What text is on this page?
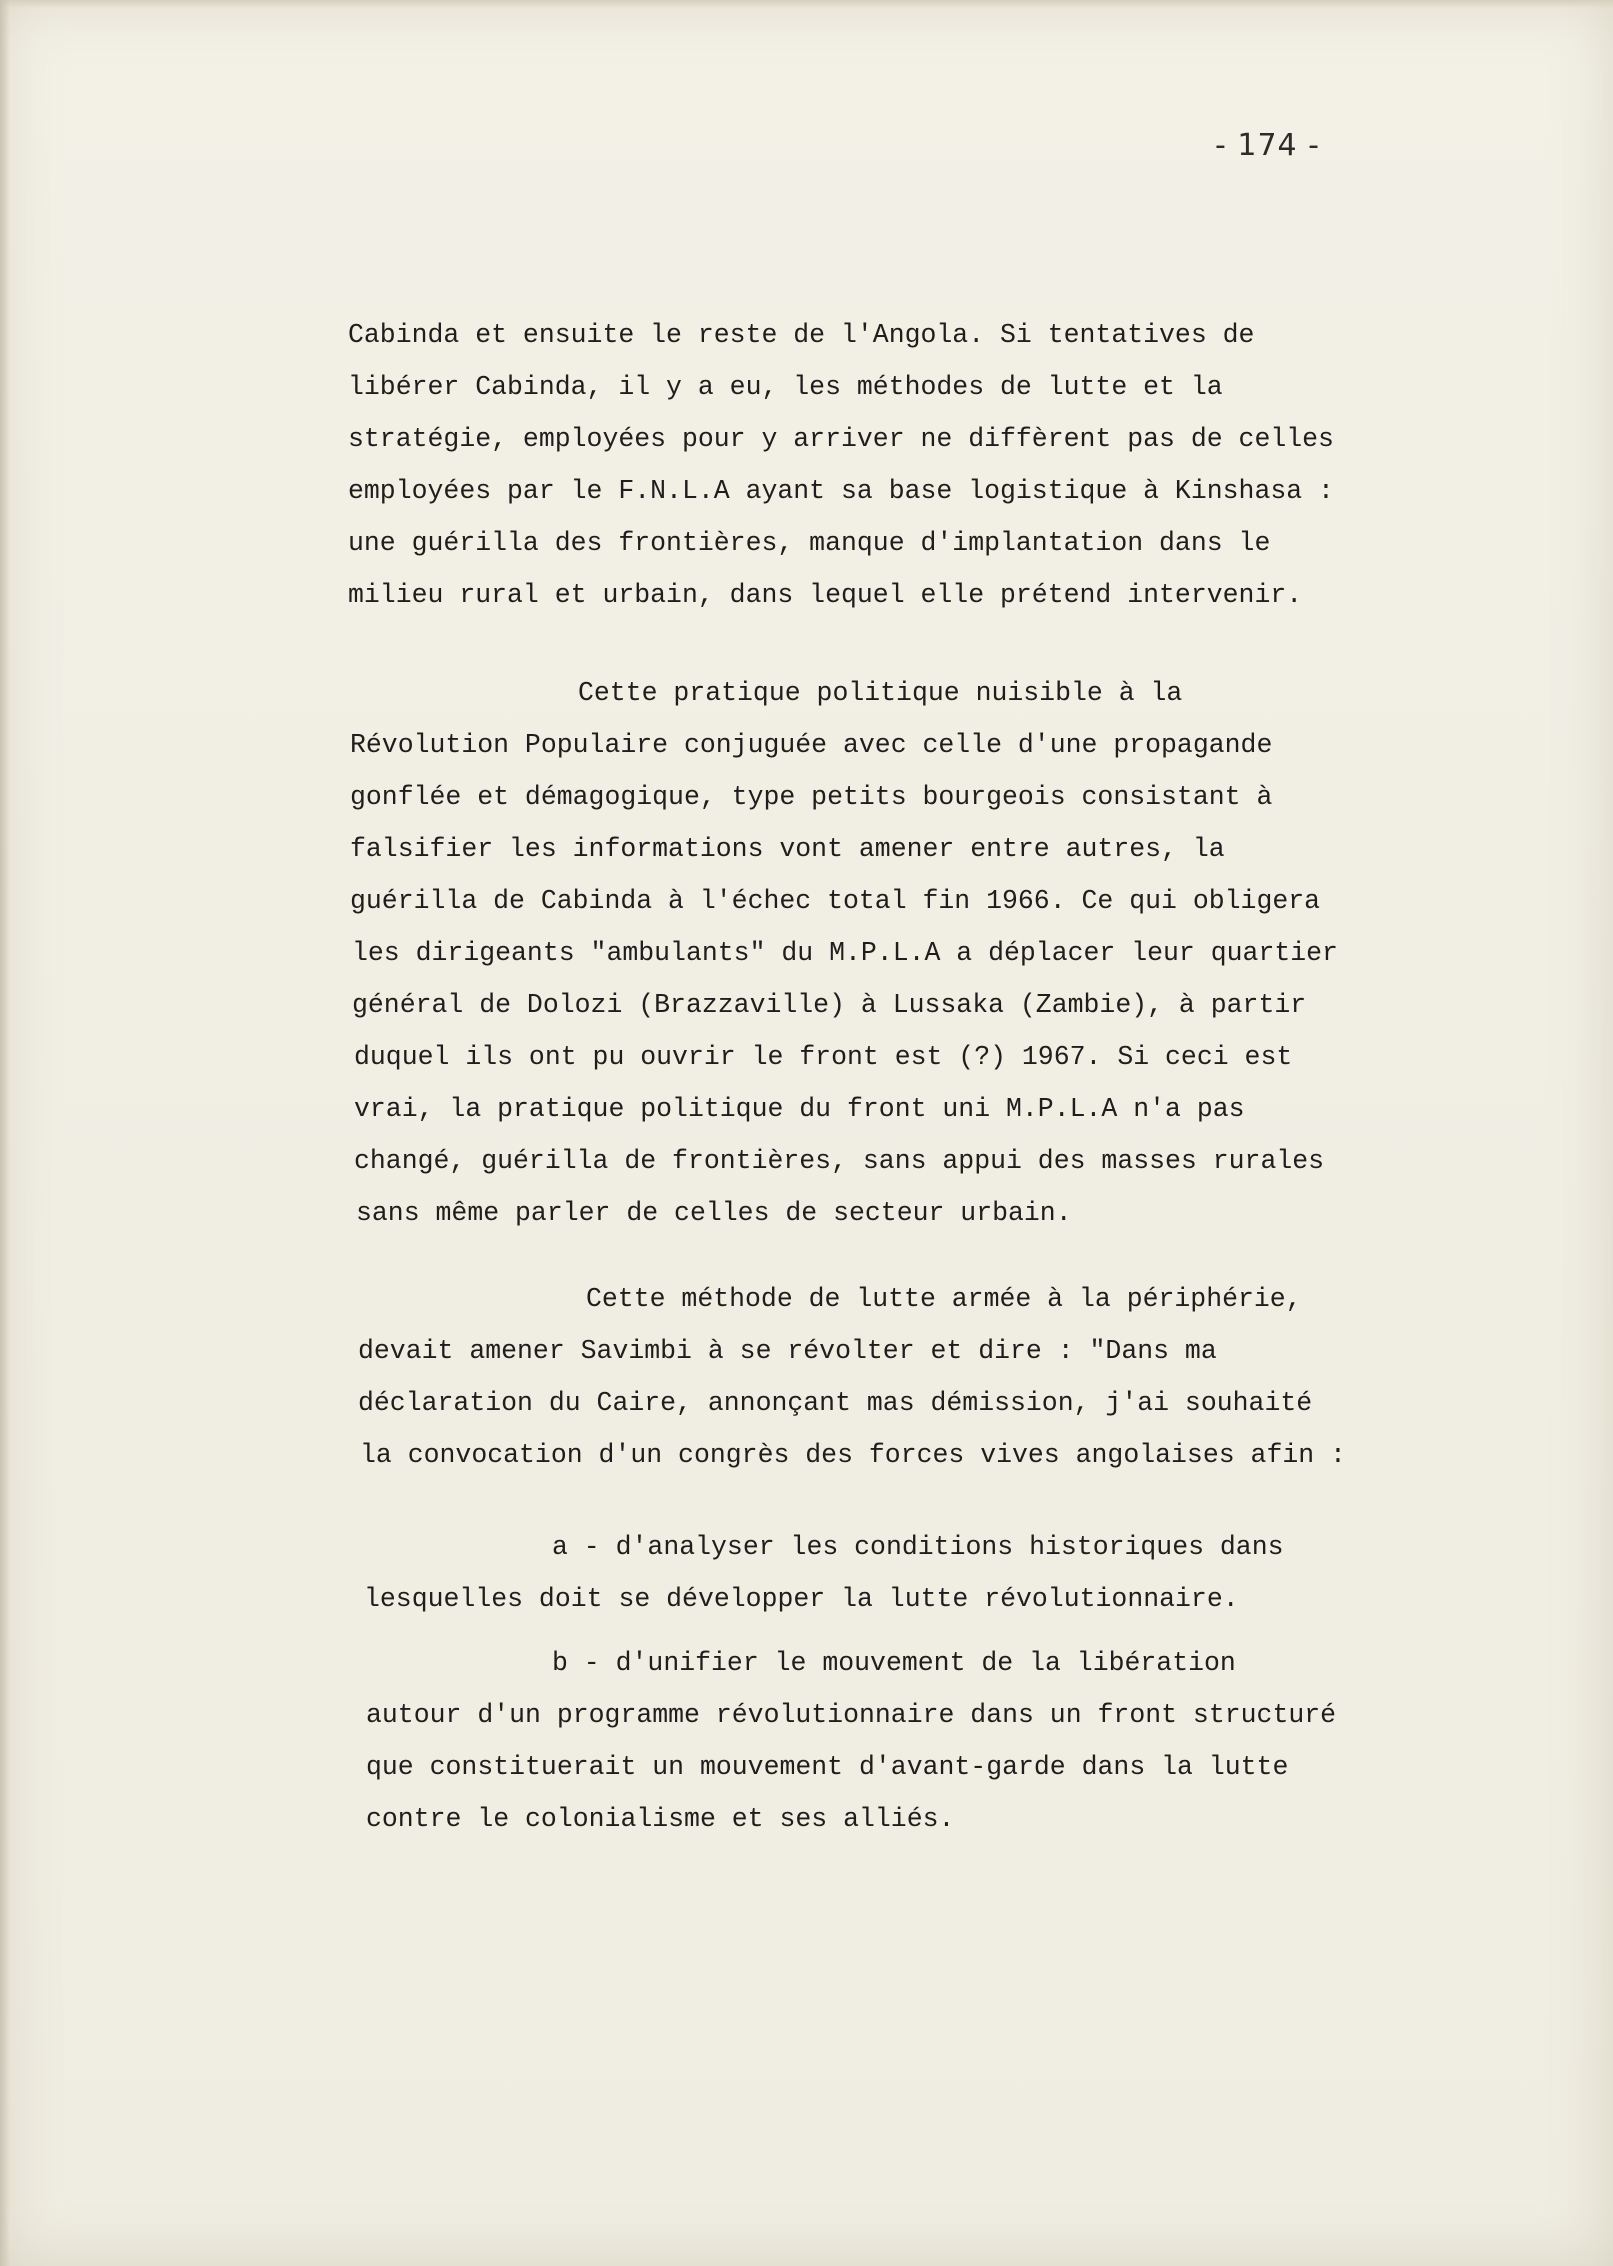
- 174 -
Cabinda et ensuite le reste de l'Angola. Si tentatives de
libérer Cabinda, il y a eu, les méthodes de lutte et la
stratégie, employées pour y arriver ne diffèrent pas de celles
employées par le F.N.L.A ayant sa base logistique à Kinshasa :
une guérilla des frontières, manque d'implantation dans le
milieu rural et urbain, dans lequel elle prétend intervenir.
Cette pratique politique nuisible à la
Révolution Populaire conjuguée avec celle d'une propagande
gonflée et démagogique, type petits bourgeois consistant à
falsifier les informations vont amener entre autres, la
guérilla de Cabinda à l'échec total fin 1966. Ce qui obligera
les dirigeants "ambulants" du M.P.L.A a déplacer leur quartier
général de Dolozi (Brazzaville) à Lussaka (Zambie), à partir
duquel ils ont pu ouvrir le front est (?) 1967. Si ceci est
vrai, la pratique politique du front uni M.P.L.A n'a pas
changé, guérilla de frontières, sans appui des masses rurales
sans même parler de celles de secteur urbain.
Cette méthode de lutte armée à la périphérie,
devait amener Savimbi à se révolter et dire : "Dans ma
déclaration du Caire, annonçant mas démission, j'ai souhaité
la convocation d'un congrès des forces vives angolaises afin :
a - d'analyser les conditions historiques dans
lesquelles doit se développer la lutte révolutionnaire.
b - d'unifier le mouvement de la libération
autour d'un programme révolutionnaire dans un front structuré
que constituerait un mouvement d'avant-garde dans la lutte
contre le colonialisme et ses alliés.
